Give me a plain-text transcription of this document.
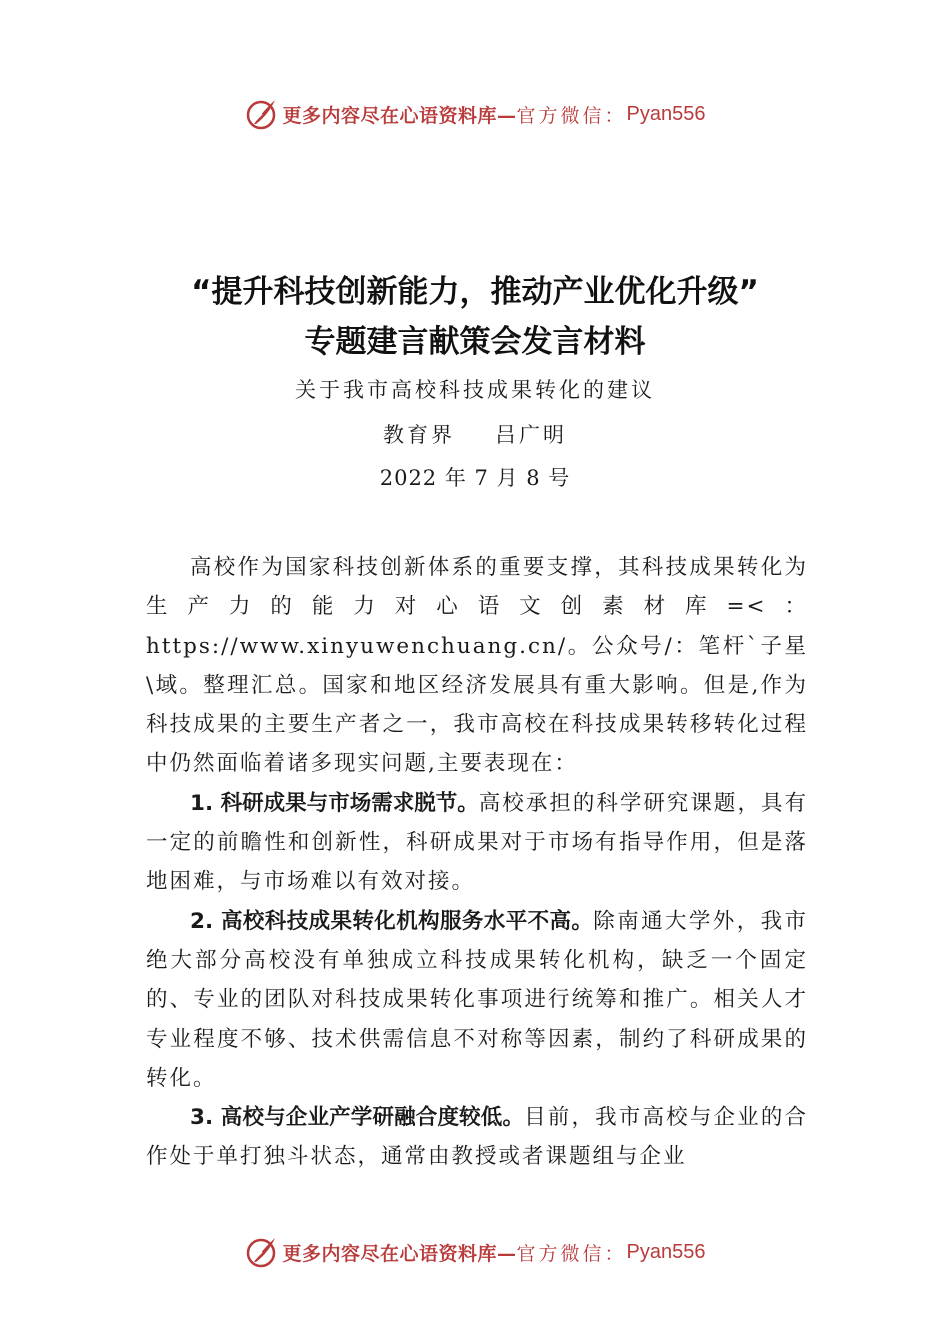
更多内容尽在心语资料库— 官方微信： Pyan556
“提升科技创新能力，推动产业优化升级”
专题建言献策会发言材料
关于我市高校科技成果转化的建议
教育界 吕广明
2022 年 7 月 8 号

高校作为国家科技创新体系的重要支撑，其科技成果转化为生产力的能力对心语文创素材库=<：https://www.xinyuwenchuang.cn/。公众号/：笔杆`子星\域。整理汇总。国家和地区经济发展具有重大影响。但是,作为科技成果的主要生产者之一，我市高校在科技成果转移转化过程中仍然面临着诸多现实问题,主要表现在：

1. 科研成果与市场需求脱节。高校承担的科学研究课题，具有一定的前瞻性和创新性，科研成果对于市场有指导作用，但是落地困难，与市场难以有效对接。

2. 高校科技成果转化机构服务水平不高。除南通大学外，我市绝大部分高校没有单独成立科技成果转化机构，缺乏一个固定的、专业的团队对科技成果转化事项进行统筹和推广。相关人才专业程度不够、技术供需信息不对称等因素，制约了科研成果的转化。

3. 高校与企业产学研融合度较低。目前，我市高校与企业的合作处于单打独斗状态，通常由教授或者课题组与企业

更多内容尽在心语资料库— 官方微信： Pyan556
